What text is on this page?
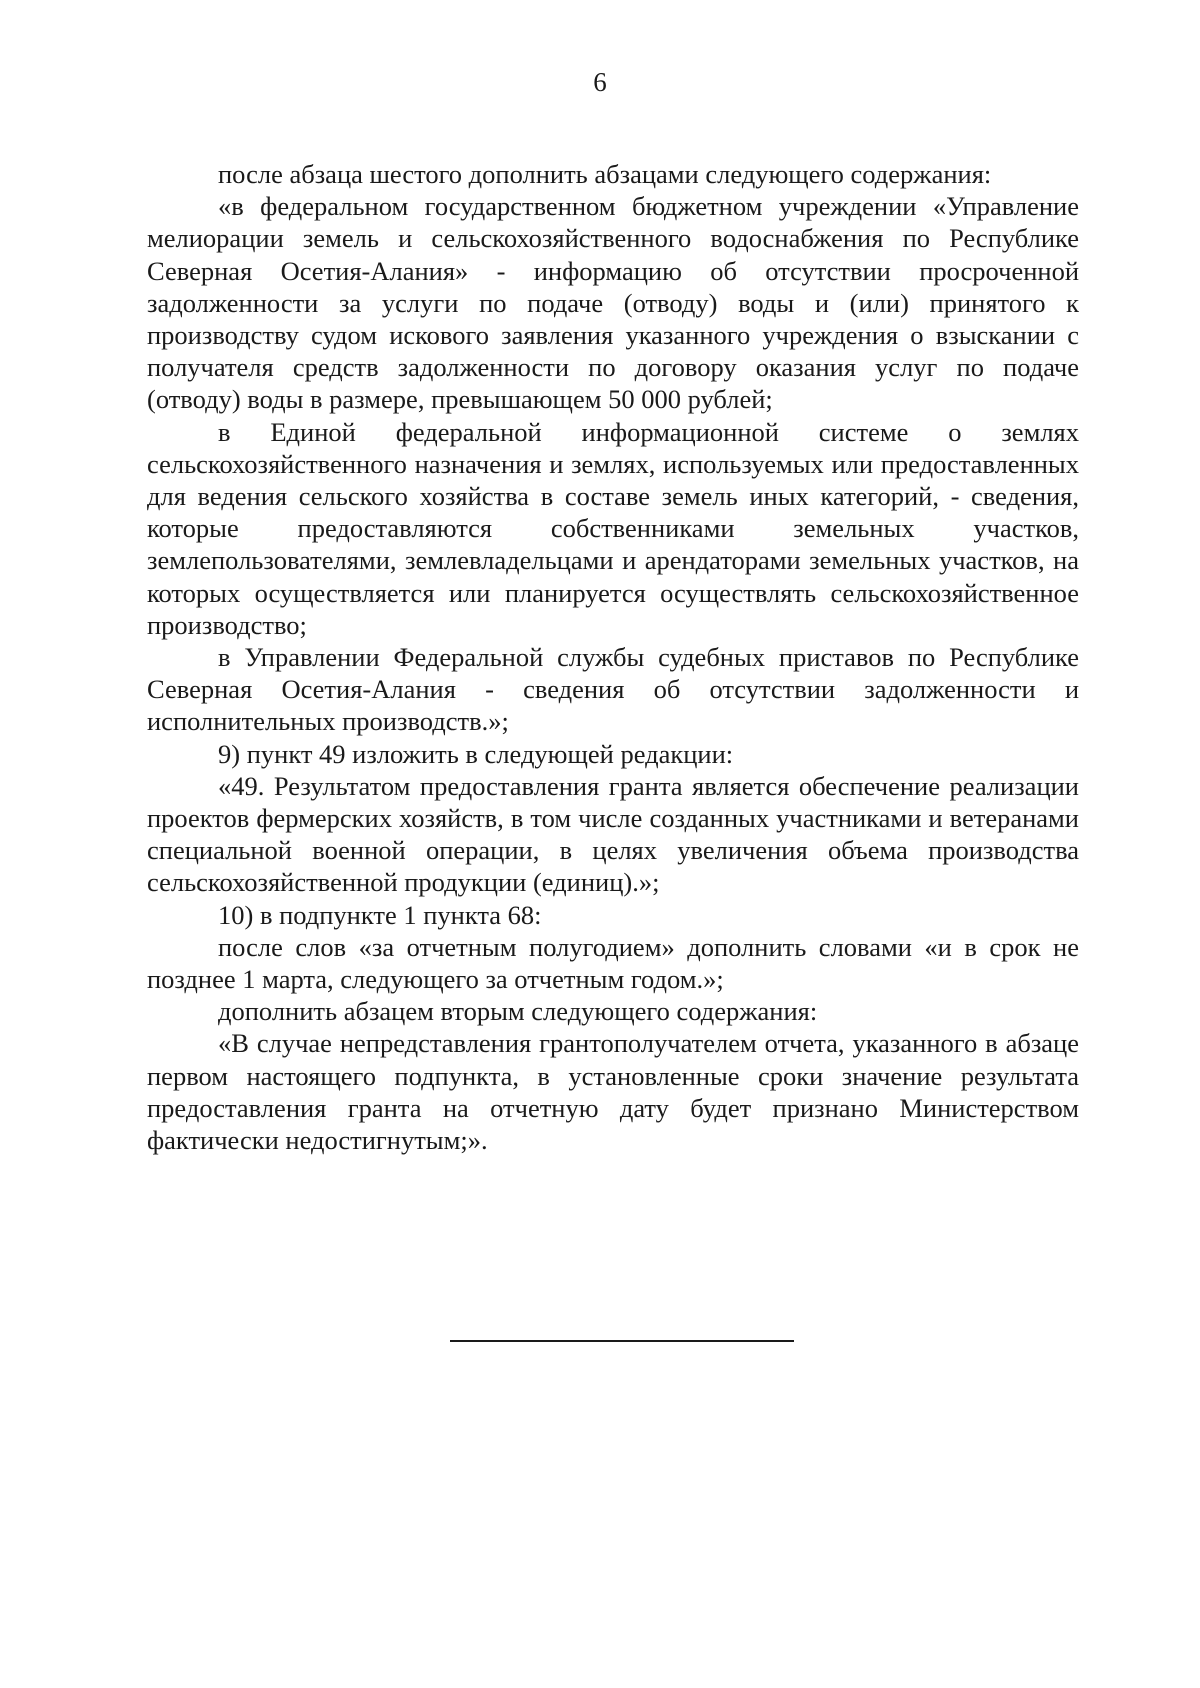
6

после абзаца шестого дополнить абзацами следующего содержания:

«в федеральном государственном бюджетном учреждении «Управление мелиорации земель и сельскохозяйственного водоснабжения по Республике Северная Осетия-Алания» - информацию об отсутствии просроченной задолженности за услуги по подаче (отводу) воды и (или) принятого к производству судом искового заявления указанного учреждения о взыскании с получателя средств задолженности по договору оказания услуг по подаче (отводу) воды в размере, превышающем 50 000 рублей;

в Единой федеральной информационной системе о землях сельскохозяйственного назначения и землях, используемых или предоставленных для ведения сельского хозяйства в составе земель иных категорий, - сведения, которые предоставляются собственниками земельных участков, землепользователями, землевладельцами и арендаторами земельных участков, на которых осуществляется или планируется осуществлять сельскохозяйственное производство;

в Управлении Федеральной службы судебных приставов по Республике Северная Осетия-Алания - сведения об отсутствии задолженности и исполнительных производств.»;

9) пункт 49 изложить в следующей редакции:

«49. Результатом предоставления гранта является обеспечение реализации проектов фермерских хозяйств, в том числе созданных участниками и ветеранами специальной военной операции, в целях увеличения объема производства сельскохозяйственной продукции (единиц).»;

10) в подпункте 1 пункта 68:

после слов «за отчетным полугодием» дополнить словами «и в срок не позднее 1 марта, следующего за отчетным годом.»;

дополнить абзацем вторым следующего содержания:

«В случае непредставления грантополучателем отчета, указанного в абзаце первом настоящего подпункта, в установленные сроки значение результата предоставления гранта на отчетную дату будет признано Министерством фактически недостигнутым;».
